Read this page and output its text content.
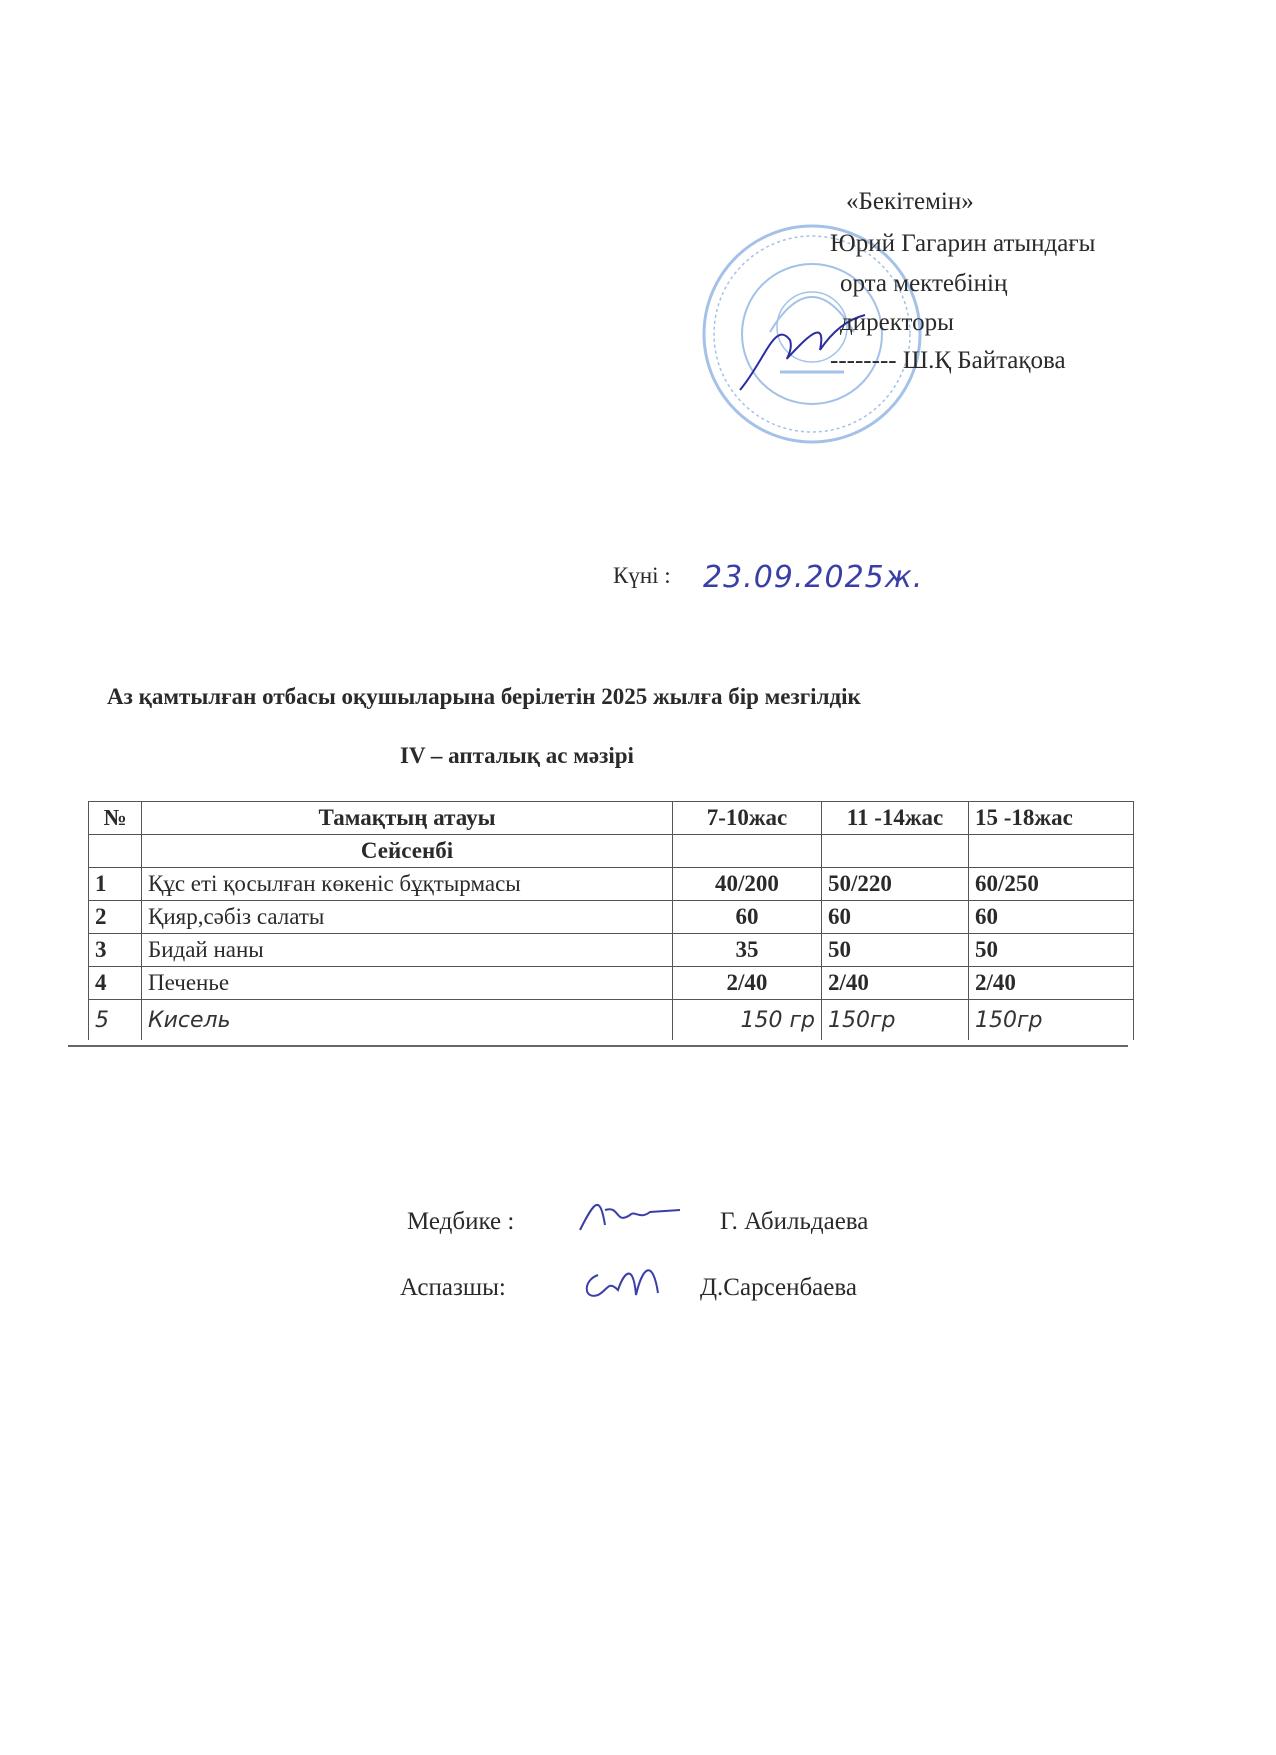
«Бекітемін»
Юрий Гагарин атындағы
орта мектебінің
директоры
-------- Ш.Қ Байтақова
Күні : 23.09.2025ж.
Аз қамтылған отбасы оқушыларына берілетін 2025 жылға бір мезгілдік
IV – апталық ас мәзірі
№	Тамақтың атауы	7-10жас	11 -14жас	15 -18жас
	Сейсенбі			
1	Құс еті қосылған көкеніс бұқтырмасы	40/200	50/220	60/250
2	Қияр,сәбіз салаты	60	60	60
3	Бидай наны	35	50	50
4	Печенье	2/40	2/40	2/40
5	Кисель	150 гр	150гр	150гр
Медбике :	Г. Абильдаева
Аспазшы:	Д.Сарсенбаева
